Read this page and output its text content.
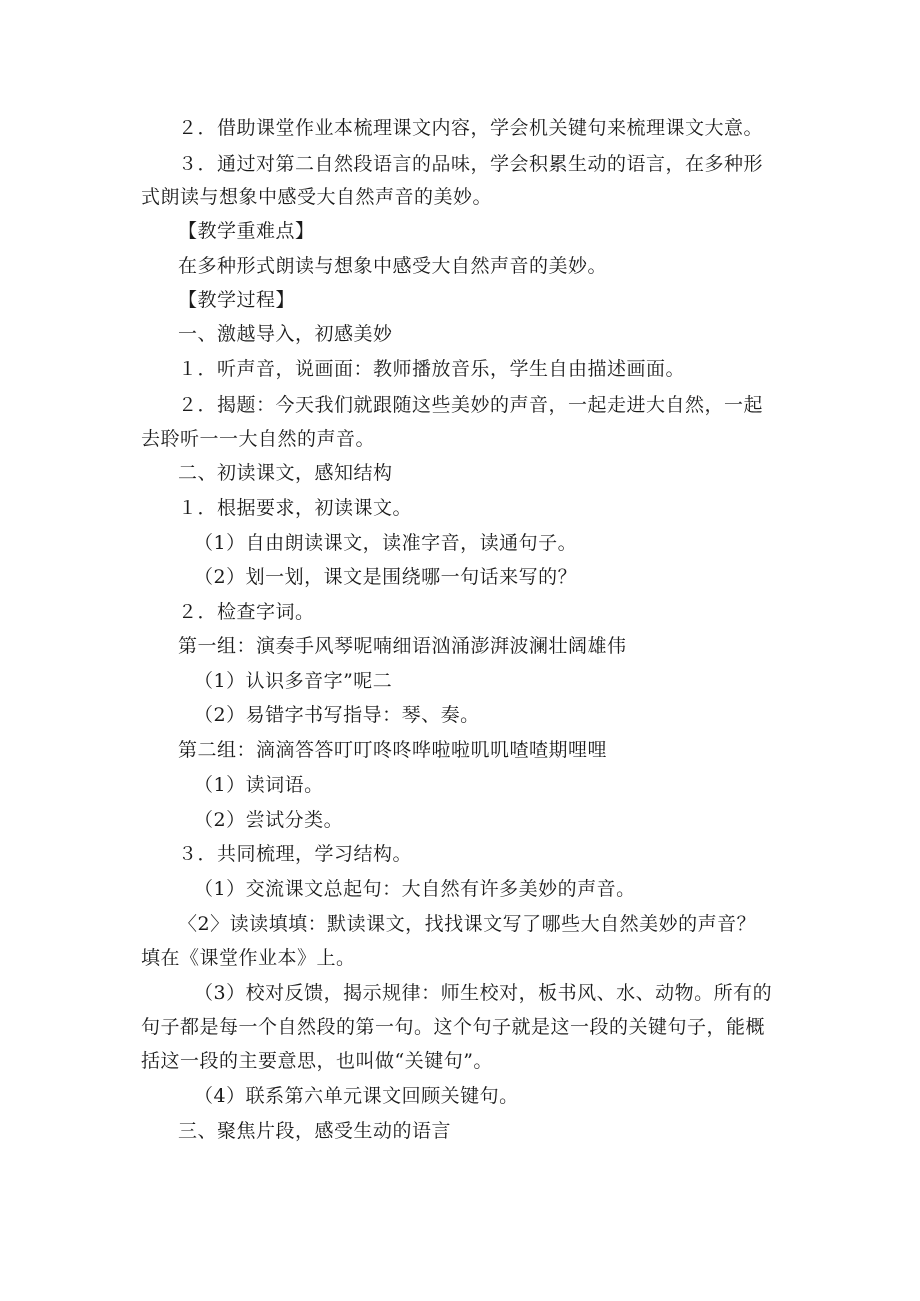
２．借助课堂作业本梳理课文内容，学会机关键句来梳理课文大意。
３．通过对第二自然段语言的品味，学会积累生动的语言，在多种形
式朗读与想象中感受大自然声音的美妙。
【教学重难点】
在多种形式朗读与想象中感受大自然声音的美妙。
【教学过程】
一、激越导入，初感美妙
１．听声音，说画面：教师播放音乐，学生自由描述画面。
２．揭题：今天我们就跟随这些美妙的声音，一起走进大自然，一起
去聆听一一大自然的声音。
二、初读课文，感知结构
１．根据要求，初读课文。
（1）自由朗读课文，读准字音，读通句子。
（2）划一划，课文是围绕哪一句话来写的？
２．检查字词。
第一组：演奏手风琴呢喃细语汹涌澎湃波澜壮阔雄伟
（1）认识多音字”呢二
（2）易错字书写指导：琴、奏。
第二组：滴滴答答叮叮咚咚哗啦啦叽叽喳喳期哩哩
（1）读词语。
（2）尝试分类。
３．共同梳理，学习结构。
（1）交流课文总起句：大自然有许多美妙的声音。
〈2〉读读填填：默读课文，找找课文写了哪些大自然美妙的声音？
填在《课堂作业本》上。
（3）校对反馈，揭示规律：师生校对，板书风、水、动物。所有的
句子都是每一个自然段的第一句。这个句子就是这一段的关键句子，能概
括这一段的主要意思，也叫做“关键句”。
（4）联系第六单元课文回顾关键句。
三、聚焦片段，感受生动的语言
